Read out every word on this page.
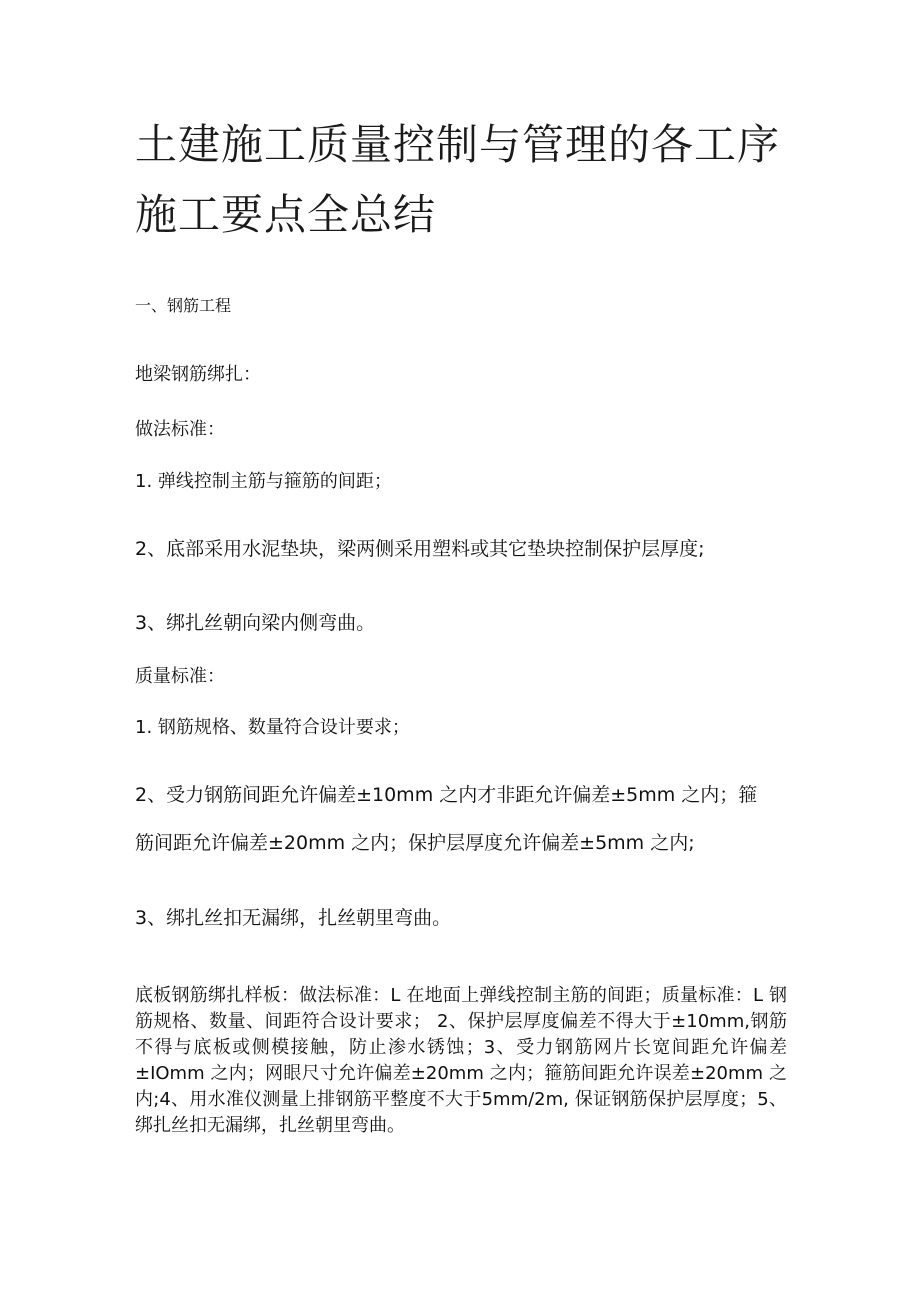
土建施工质量控制与管理的各工序
施工要点全总结
一、钢筋工程
地梁钢筋绑扎：
做法标准：
1. 弹线控制主筋与箍筋的间距；
2、底部采用水泥垫块，梁两侧采用塑料或其它垫块控制保护层厚度;
3、绑扎丝朝向梁内侧弯曲。
质量标准：
1. 钢筋规格、数量符合设计要求；
2、受力钢筋间距允许偏差±10mm 之内才非距允许偏差±5mm 之内；箍
筋间距允许偏差±20mm 之内；保护层厚度允许偏差±5mm 之内;
3、绑扎丝扣无漏绑，扎丝朝里弯曲。

底板钢筋绑扎样板：做法标准：L 在地面上弹线控制主筋的间距；质量标准：L 钢筋规格、数量、间距符合设计要求； 2、保护层厚度偏差不得大于±10mm,钢筋不得与底板或侧模接触，防止渗水锈蚀；3、受力钢筋网片长宽间距允许偏差±IOmm 之内；网眼尺寸允许偏差±20mm 之内；箍筋间距允许误差±20mm 之内;4、用水准仪测量上排钢筋平整度不大于5mm/2m, 保证钢筋保护层厚度；5、绑扎丝扣无漏绑，扎丝朝里弯曲。
